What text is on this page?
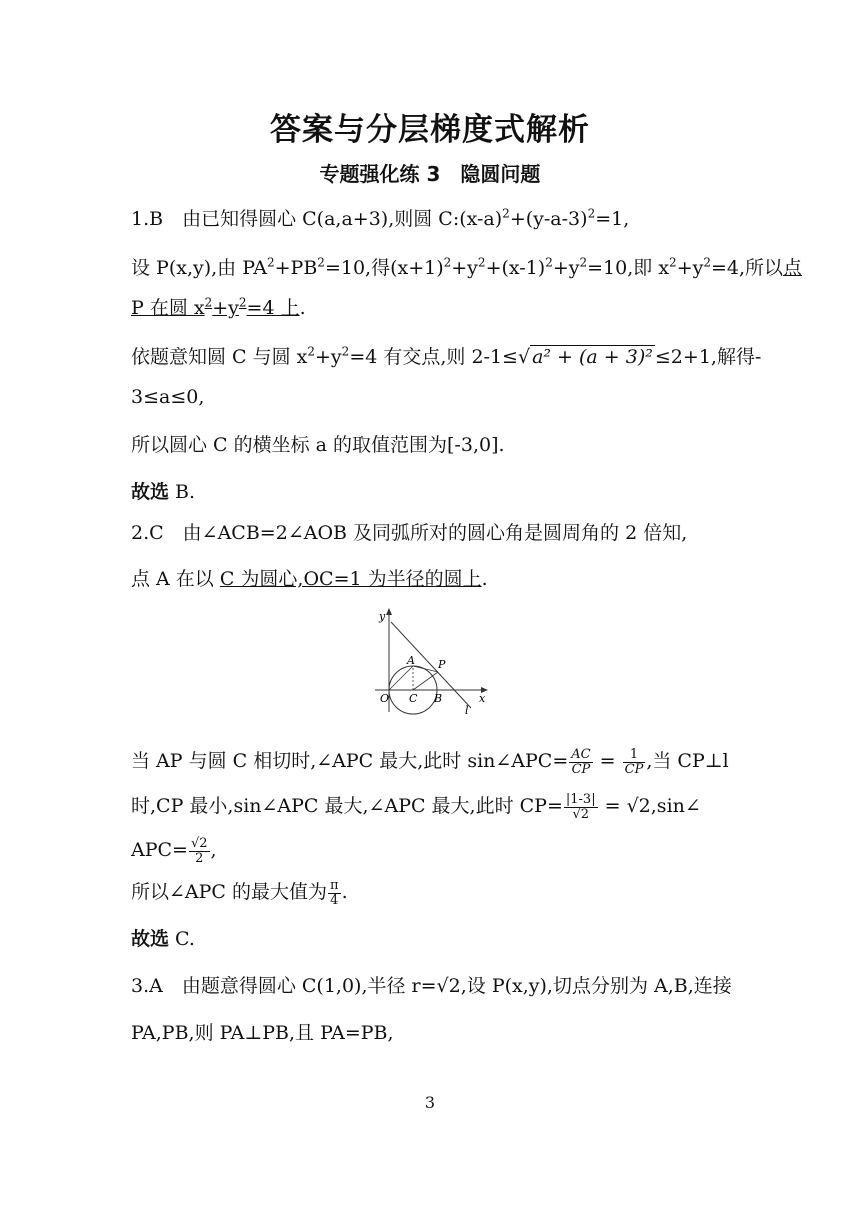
答案与分层梯度式解析
专题强化练 3　隐圆问题
1.B　由已知得圆心 C(a,a+3),则圆 $C:(x-a)^2+(y-a-3)^2=1$,
设 P(x,y),由 $PA^2+PB^2=10$,得$(x+1)^2+y^2+(x-1)^2+y^2=10$,即 $x^2+y^2=4$,所以点
P 在圆 $x^2+y^2=4$ 上.
依题意知圆 C 与圆 $x^2+y^2=4$ 有交点,则 2-1≤√ a² + (a + 3)² ≤2+1,解得-
3≤a≤0,
所以圆心 C 的横坐标 a 的取值范围为[-3,0].
故选 B.
2.C　由∠ACB=2∠AOB 及同弧所对的圆心角是圆周角的 2 倍知,
点 A 在以 C 为圆心,OC=1 为半径的圆上.
y
x
O C B
A P
l
当 AP 与圆 C 相切时,∠APC 最大,此时 sin∠APC= $\frac{AC}{CP} = \frac{1}{CP}$ ,当 CP⊥l
时,CP 最小,sin∠APC 最大,∠APC 最大,此时 $CP= \frac{|1-3|}{√2}$ = √2,sin∠
$APC= \frac{√2}{2}$ ,
所以∠APC 的最大值为 $\frac{\pi}{4}$ .
故选 C.
3.A　由题意得圆心 C(1,0),半径 r=√2,设 P(x,y),切点分别为 A,B,连接
PA,PB,则 PA⊥PB,且 PA=PB,
3
